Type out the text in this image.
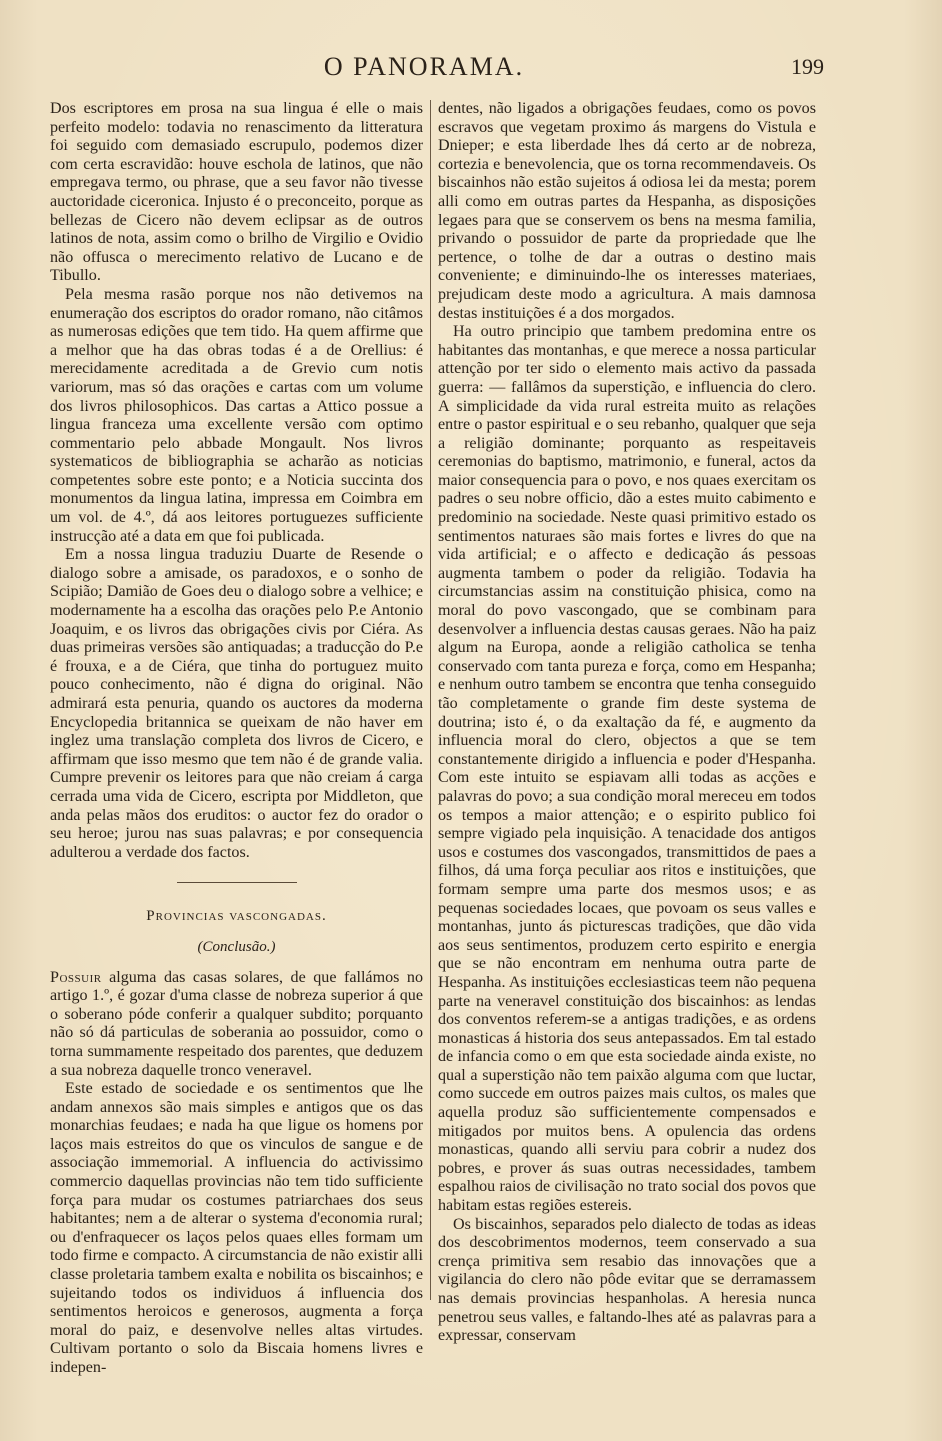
O PANORAMA.	199

Dos escriptores em prosa na sua lingua é elle o mais perfeito modelo: todavia no renascimento da litteratura foi seguido com demasiado escrupulo, podemos dizer com certa escravidão: houve eschola de latinos, que não empregava termo, ou phrase, que a seu favor não tivesse auctoridade ciceronica. Injusto é o preconceito, porque as bellezas de Cicero não devem eclipsar as de outros latinos de nota, assim como o brilho de Virgilio e Ovidio não offusca o merecimento relativo de Lucano e de Tibullo.

Pela mesma rasão porque nos não detivemos na enumeração dos escriptos do orador romano, não citâmos as numerosas edições que tem tido. Ha quem affirme que a melhor que ha das obras todas é a de Orellius: é merecidamente acreditada a de Grevio cum notis variorum, mas só das orações e cartas com um volume dos livros philosophicos. Das cartas a Attico possue a lingua franceza uma excellente versão com optimo commentario pelo abbade Mongault. Nos livros systematicos de bibliographia se acharão as noticias competentes sobre este ponto; e a Noticia succinta dos monumentos da lingua latina, impressa em Coimbra em um vol. de 4.º, dá aos leitores portuguezes sufficiente instrucção até a data em que foi publicada.

Em a nossa lingua traduziu Duarte de Resende o dialogo sobre a amisade, os paradoxos, e o sonho de Scipião; Damião de Goes deu o dialogo sobre a velhice; e modernamente ha a escolha das orações pelo P.e Antonio Joaquim, e os livros das obrigações civis por Ciéra. As duas primeiras versões são antiquadas; a traducção do P.e é frouxa, e a de Ciéra, que tinha do portuguez muito pouco conhecimento, não é digna do original. Não admirará esta penuria, quando os auctores da moderna Encyclopedia britannica se queixam de não haver em inglez uma translação completa dos livros de Cicero, e affirmam que isso mesmo que tem não é de grande valia. Cumpre prevenir os leitores para que não creiam á carga cerrada uma vida de Cicero, escripta por Middleton, que anda pelas mãos dos eruditos: o auctor fez do orador o seu heroe; jurou nas suas palavras; e por consequencia adulterou a verdade dos factos.

Provincias vascongadas.
(Conclusão.)

Possuir alguma das casas solares, de que fallámos no artigo 1.º, é gozar d'uma classe de nobreza superior á que o soberano póde conferir a qualquer subdito; porquanto não só dá particulas de soberania ao possuidor, como o torna summamente respeitado dos parentes, que deduzem a sua nobreza daquelle tronco veneravel.

Este estado de sociedade e os sentimentos que lhe andam annexos são mais simples e antigos que os das monarchias feudaes; e nada ha que ligue os homens por laços mais estreitos do que os vinculos de sangue e de associação immemorial. A influencia do activissimo commercio daquellas provincias não tem tido sufficiente força para mudar os costumes patriarchaes dos seus habitantes; nem a de alterar o systema d'economia rural; ou d'enfraquecer os laços pelos quaes elles formam um todo firme e compacto. A circumstancia de não existir alli classe proletaria tambem exalta e nobilita os biscainhos; e sujeitando todos os individuos á influencia dos sentimentos heroicos e generosos, augmenta a força moral do paiz, e desenvolve nelles altas virtudes. Cultivam portanto o solo da Biscaia homens livres e indepen-

dentes, não ligados a obrigações feudaes, como os povos escravos que vegetam proximo ás margens do Vistula e Dnieper; e esta liberdade lhes dá certo ar de nobreza, cortezia e benevolencia, que os torna recommendaveis. Os biscainhos não estão sujeitos á odiosa lei da mesta; porem alli como em outras partes da Hespanha, as disposições legaes para que se conservem os bens na mesma familia, privando o possuidor de parte da propriedade que lhe pertence, o tolhe de dar a outras o destino mais conveniente; e diminuindo-lhe os interesses materiaes, prejudicam deste modo a agricultura. A mais damnosa destas instituições é a dos morgados.

Ha outro principio que tambem predomina entre os habitantes das montanhas, e que merece a nossa particular attenção por ter sido o elemento mais activo da passada guerra: — fallâmos da superstição, e influencia do clero. A simplicidade da vida rural estreita muito as relações entre o pastor espiritual e o seu rebanho, qualquer que seja a religião dominante; porquanto as respeitaveis ceremonias do baptismo, matrimonio, e funeral, actos da maior consequencia para o povo, e nos quaes exercitam os padres o seu nobre officio, dão a estes muito cabimento e predominio na sociedade. Neste quasi primitivo estado os sentimentos naturaes são mais fortes e livres do que na vida artificial; e o affecto e dedicação ás pessoas augmenta tambem o poder da religião. Todavia ha circumstancias assim na constituição phisica, como na moral do povo vascongado, que se combinam para desenvolver a influencia destas causas geraes. Não ha paiz algum na Europa, aonde a religião catholica se tenha conservado com tanta pureza e força, como em Hespanha; e nenhum outro tambem se encontra que tenha conseguido tão completamente o grande fim deste systema de doutrina; isto é, o da exaltação da fé, e augmento da influencia moral do clero, objectos a que se tem constantemente dirigido a influencia e poder d'Hespanha. Com este intuito se espiavam alli todas as acções e palavras do povo; a sua condição moral mereceu em todos os tempos a maior attenção; e o espirito publico foi sempre vigiado pela inquisição. A tenacidade dos antigos usos e costumes dos vascongados, transmittidos de paes a filhos, dá uma força peculiar aos ritos e instituições, que formam sempre uma parte dos mesmos usos; e as pequenas sociedades locaes, que povoam os seus valles e montanhas, junto ás picturescas tradições, que dão vida aos seus sentimentos, produzem certo espirito e energia que se não encontram em nenhuma outra parte de Hespanha. As instituições ecclesiasticas teem não pequena parte na veneravel constituição dos biscainhos: as lendas dos conventos referem-se a antigas tradições, e as ordens monasticas á historia dos seus antepassados. Em tal estado de infancia como o em que esta sociedade ainda existe, no qual a superstição não tem paixão alguma com que luctar, como succede em outros paizes mais cultos, os males que aquella produz são sufficientemente compensados e mitigados por muitos bens. A opulencia das ordens monasticas, quando alli serviu para cobrir a nudez dos pobres, e prover ás suas outras necessidades, tambem espalhou raios de civilisação no trato social dos povos que habitam estas regiões estereis.

Os biscainhos, separados pelo dialecto de todas as ideas dos descobrimentos modernos, teem conservado a sua crença primitiva sem resabio das innovações que a vigilancia do clero não pôde evitar que se derramassem nas demais provincias hespanholas. A heresia nunca penetrou seus valles, e faltando-lhes até as palavras para a expressar, conservam
